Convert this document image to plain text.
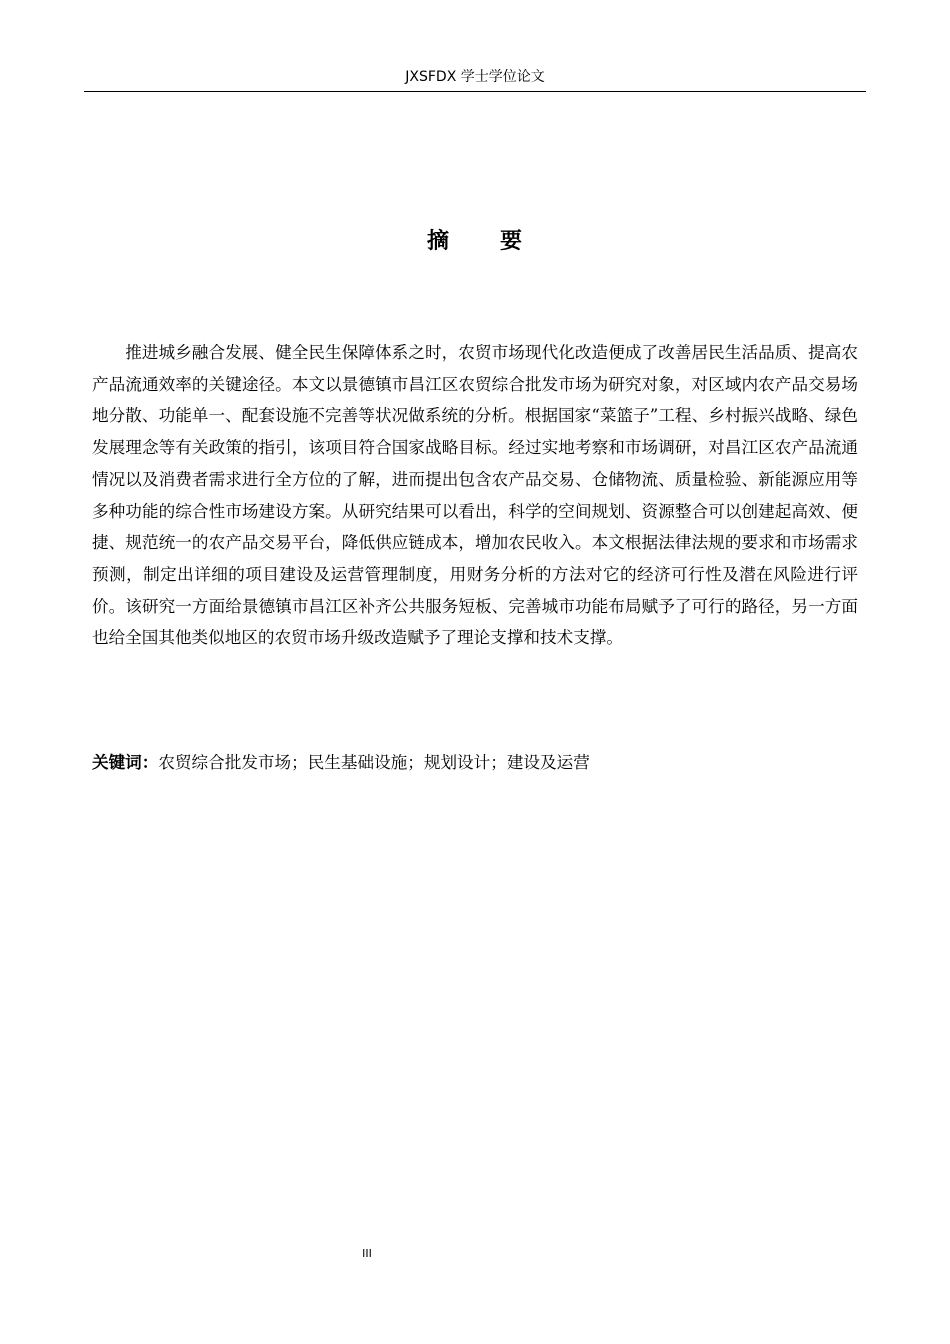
JXSFDX 学士学位论文
摘 要

推进城乡融合发展、健全民生保障体系之时，农贸市场现代化改造便成了改善居民生活品质、提高农产品流通效率的关键途径。本文以景德镇市昌江区农贸综合批发市场为研究对象，对区域内农产品交易场地分散、功能单一、配套设施不完善等状况做系统的分析。根据国家“菜篮子”工程、乡村振兴战略、绿色发展理念等有关政策的指引，该项目符合国家战略目标。经过实地考察和市场调研，对昌江区农产品流通情况以及消费者需求进行全方位的了解，进而提出包含农产品交易、仓储物流、质量检验、新能源应用等多种功能的综合性市场建设方案。从研究结果可以看出，科学的空间规划、资源整合可以创建起高效、便捷、规范统一的农产品交易平台，降低供应链成本，增加农民收入。本文根据法律法规的要求和市场需求预测，制定出详细的项目建设及运营管理制度，用财务分析的方法对它的经济可行性及潜在风险进行评价。该研究一方面给景德镇市昌江区补齐公共服务短板、完善城市功能布局赋予了可行的路径，另一方面也给全国其他类似地区的农贸市场升级改造赋予了理论支撑和技术支撑。

关键词：农贸综合批发市场；民生基础设施；规划设计；建设及运营

III
